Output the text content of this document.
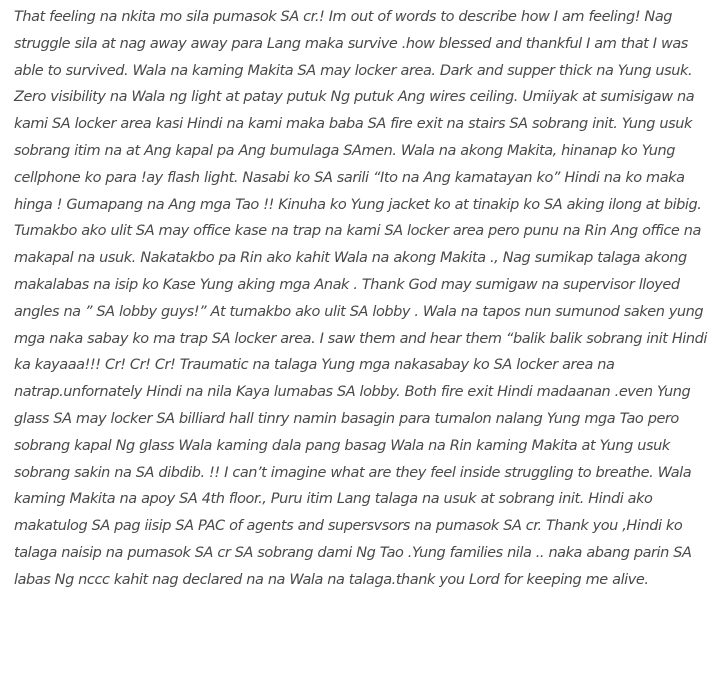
That feeling na nkita mo sila pumasok SA cr.! Im out of words to describe how I am feeling! Nag struggle sila at nag away away para Lang maka survive .how blessed and thankful I am that I was able to survived. Wala na kaming Makita SA may locker area. Dark and supper thick na Yung usuk. Zero visibility na Wala ng light at patay putuk Ng putuk Ang wires ceiling. Umiiyak at sumisigaw na kami SA locker area kasi Hindi na kami maka baba SA fire exit na stairs SA sobrang init. Yung usuk sobrang itim na at Ang kapal pa Ang bumulaga SAmen. Wala na akong Makita, hinanap ko Yung cellphone ko para !ay flash light. Nasabi ko SA sarili “Ito na Ang kamatayan ko” Hindi na ko maka hinga ! Gumapang na Ang mga Tao !! Kinuha ko Yung jacket ko at tinakip ko SA aking ilong at bibig. Tumakbo ako ulit SA may office kase na trap na kami SA locker area pero punu na Rin Ang office na makapal na usuk. Nakatakbo pa Rin ako kahit Wala na akong Makita ., Nag sumikap talaga akong makalabas na isip ko Kase Yung aking mga Anak . Thank God may sumigaw na supervisor lloyed angles na ” SA lobby guys!” At tumakbo ako ulit SA lobby . Wala na tapos nun sumunod saken yung mga naka sabay ko ma trap SA locker area. I saw them and hear them “balik balik sobrang init Hindi ka kayaaa!!! Cr! Cr! Cr! Traumatic na talaga Yung mga nakasabay ko SA locker area na natrap.unfornately Hindi na nila Kaya lumabas SA lobby. Both fire exit Hindi madaanan .even Yung glass SA may locker SA billiard hall tinry namin basagin para tumalon nalang Yung mga Tao pero sobrang kapal Ng glass Wala kaming dala pang basag Wala na Rin kaming Makita at Yung usuk sobrang sakin na SA dibdib. !! I can’t imagine what are they feel inside struggling to breathe. Wala kaming Makita na apoy SA 4th floor., Puru itim Lang talaga na usuk at sobrang init. Hindi ako makatulog SA pag iisip SA PAC of agents and supersvsors na pumasok SA cr. Thank you ,Hindi ko talaga naisip na pumasok SA cr SA sobrang dami Ng Tao .Yung families nila .. naka abang parin SA labas Ng nccc kahit nag declared na na Wala na talaga.thank you Lord for keeping me alive.
